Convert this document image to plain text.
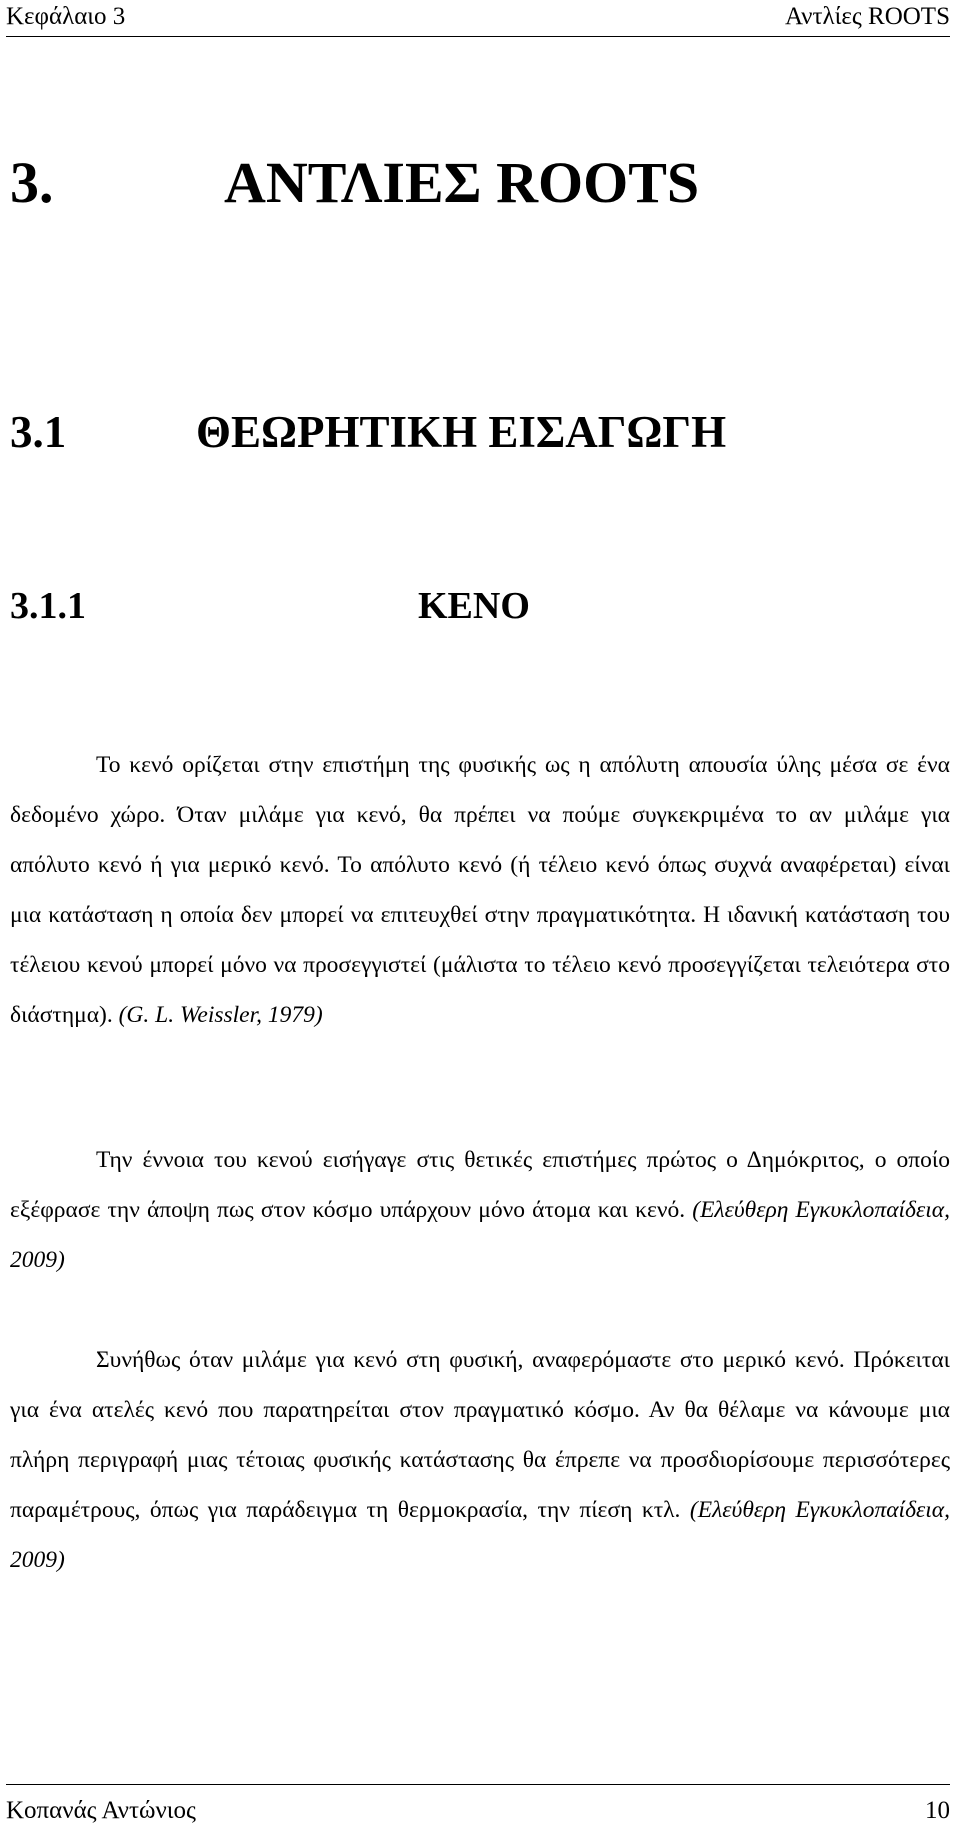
Κεφάλαιο 3	Αντλίες ROOTS
3.	ΑΝΤΛΙΕΣ ROOTS
3.1	ΘΕΩΡΗΤΙΚΗ ΕΙΣΑΓΩΓΗ
3.1.1	ΚΕΝΟ

Το κενό ορίζεται στην επιστήμη της φυσικής ως η απόλυτη απουσία ύλης μέσα σε ένα δεδομένο χώρο. Όταν μιλάμε για κενό, θα πρέπει να πούμε συγκεκριμένα το αν μιλάμε για απόλυτο κενό ή για μερικό κενό. Το απόλυτο κενό (ή τέλειο κενό όπως συχνά αναφέρεται) είναι μια κατάσταση η οποία δεν μπορεί να επιτευχθεί στην πραγματικότητα. Η ιδανική κατάσταση του τέλειου κενού μπορεί μόνο να προσεγγιστεί (μάλιστα το τέλειο κενό προσεγγίζεται τελειότερα στο διάστημα). (G. L. Weissler, 1979)

Την έννοια του κενού εισήγαγε στις θετικές επιστήμες πρώτος ο Δημόκριτος, ο οποίο εξέφρασε την άποψη πως στον κόσμο υπάρχουν μόνο άτομα και κενό. (Ελεύθερη Εγκυκλοπαίδεια, 2009)

Συνήθως όταν μιλάμε για κενό στη φυσική, αναφερόμαστε στο μερικό κενό. Πρόκειται για ένα ατελές κενό που παρατηρείται στον πραγματικό κόσμο. Αν θα θέλαμε να κάνουμε μια πλήρη περιγραφή μιας τέτοιας φυσικής κατάστασης θα έπρεπε να προσδιορίσουμε περισσότερες παραμέτρους, όπως για παράδειγμα τη θερμοκρασία, την πίεση κτλ. (Ελεύθερη Εγκυκλοπαίδεια, 2009)

Κοπανάς Αντώνιος	10
